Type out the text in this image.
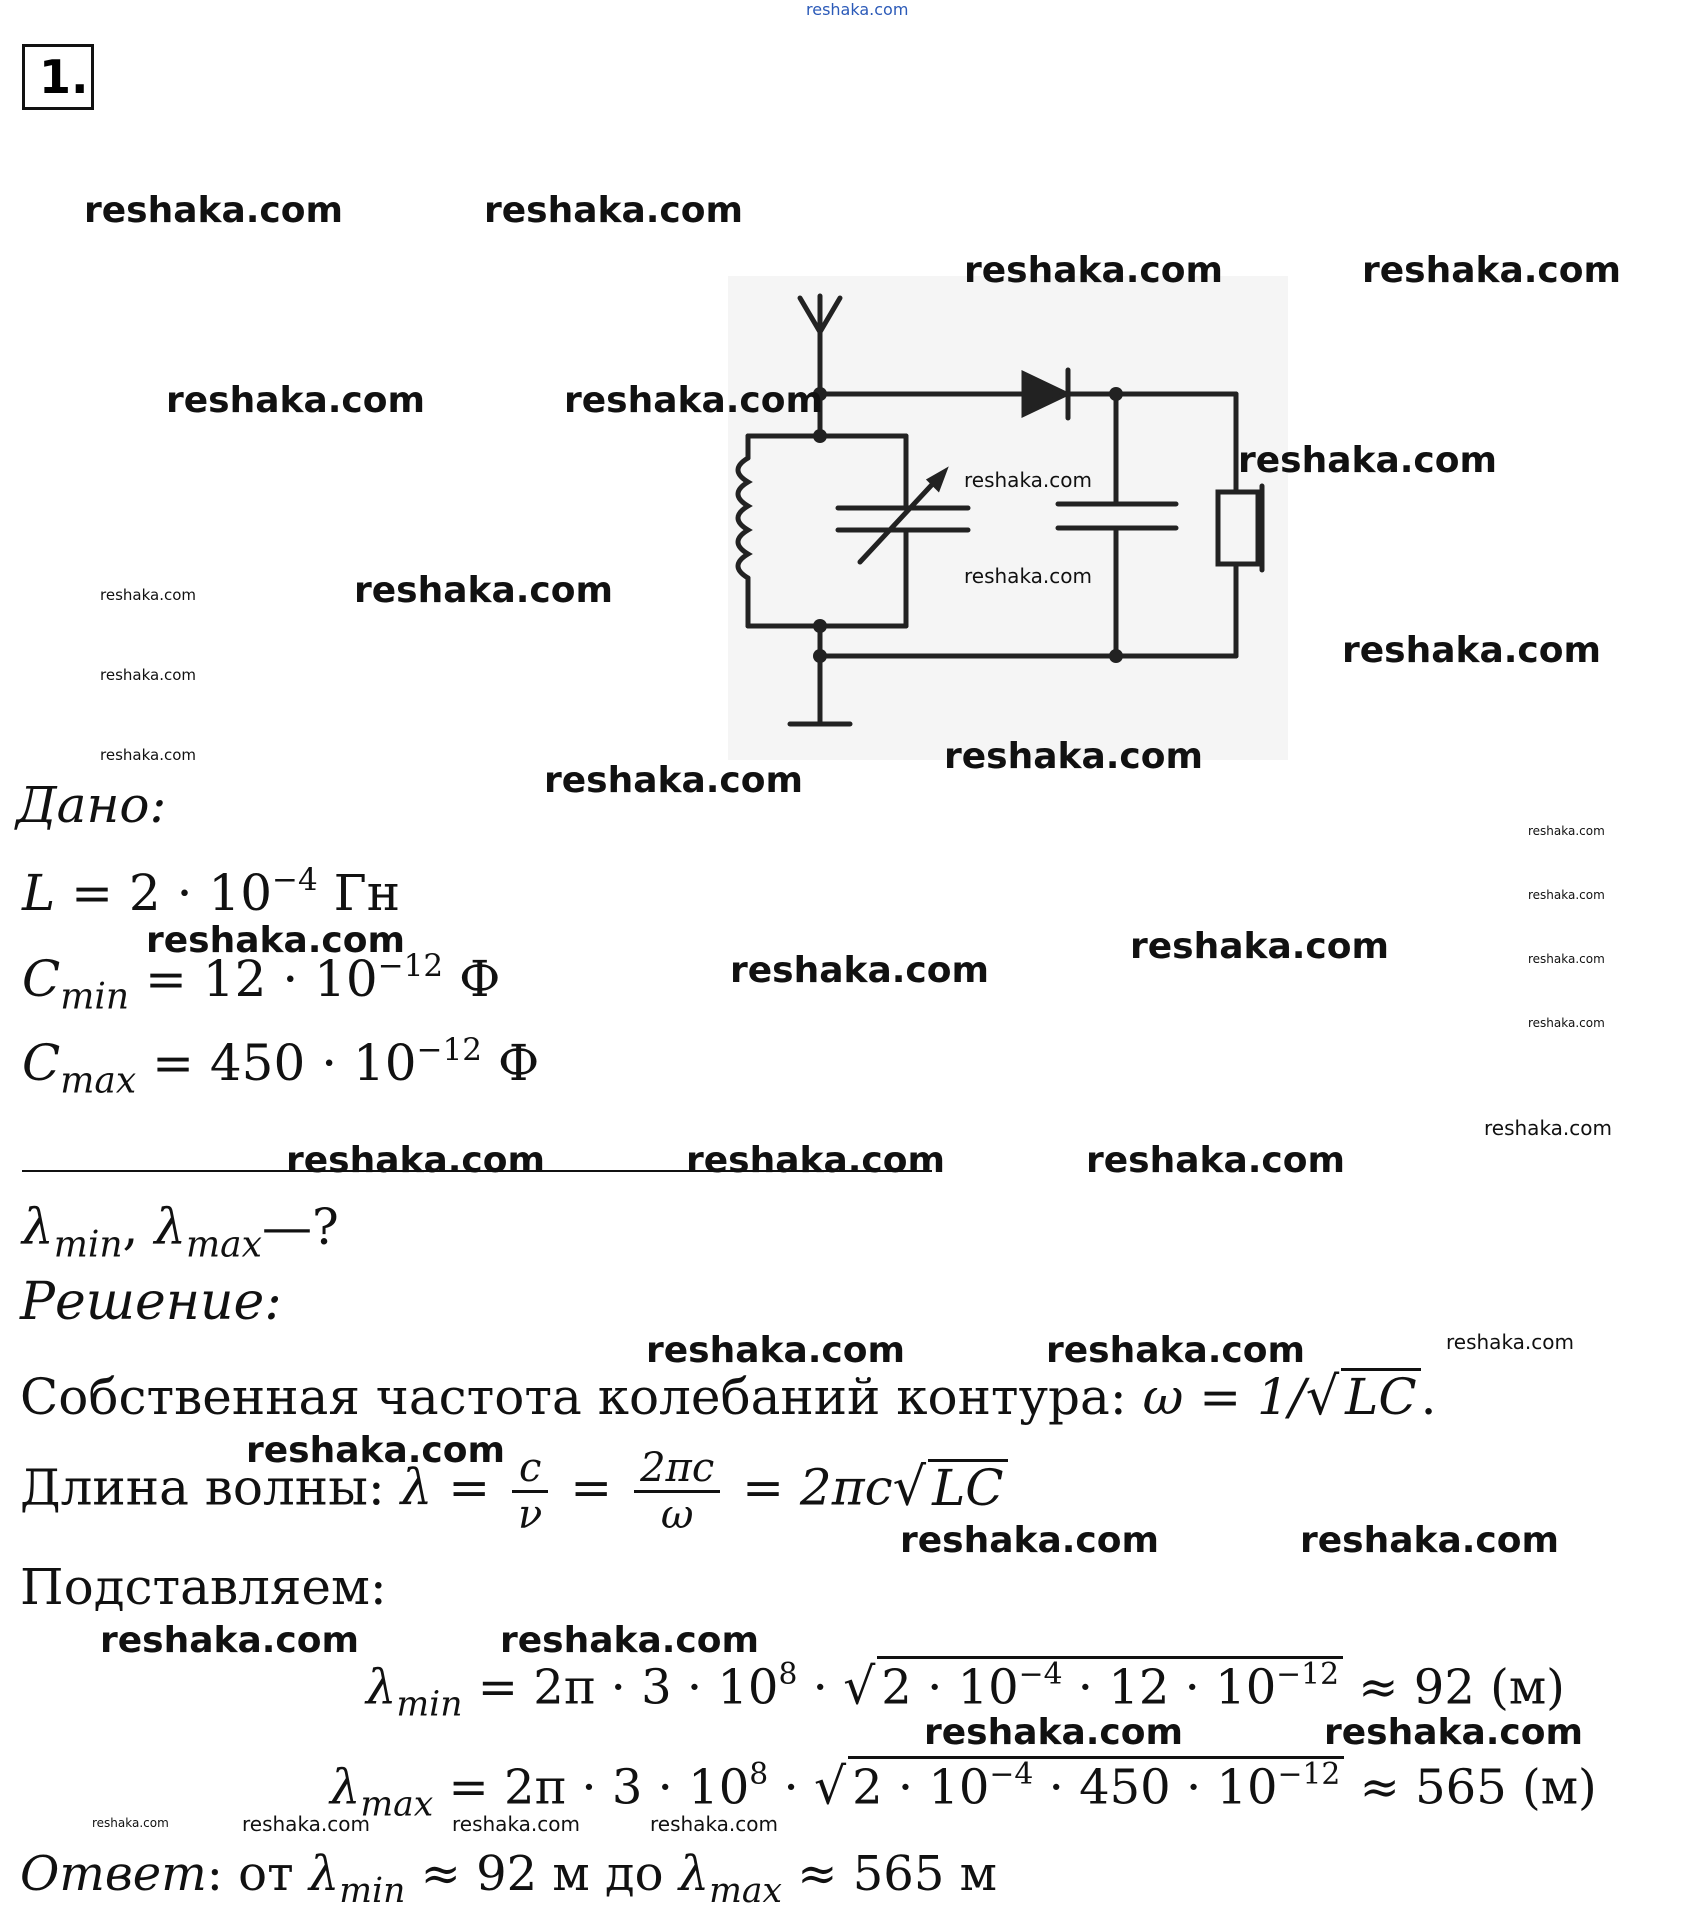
1.
reshaka.com
Дано:
$L = 2 \cdot 10^{-4}$ Гн
$C_{min} = 12 \cdot 10^{-12}$ Ф
$C_{max} = 450 \cdot 10^{-12}$ Ф
$\lambda_{min}$, $\lambda_{max}—$?
Решение:
Собственная частота колебаний контура: ω = 1/√ LC.
Длина волны: $\lambda = \frac{c}{\nu} = \frac{2\pi c}{\omega} = 2\pi c√$ LC
Подставляем:
$\lambda_{min} = 2\pi \cdot 3 \cdot 10^8$ · √ $2 \cdot 10^{-4} \cdot 12 \cdot 10^{-12} \approx 92$ (м)
$\lambda_{max} = 2\pi \cdot 3 \cdot 10^8$ · √ $2 \cdot 10^{-4} \cdot 450 \cdot 10^{-12} \approx 565$ (м)
Ответ: от $\lambda_{min} \approx 92$ м до $\lambda_{max} \approx 565$ м
reshaka.com	reshaka.com
reshaka.com	reshaka.com
reshaka.com	reshaka.com
reshaka.com
reshaka.com
reshaka.com
reshaka.com	reshaka.com
reshaka.com
reshaka.com
reshaka.com	reshaka.com
reshaka.com
reshaka.com
reshaka.com
reshaka.com
reshaka.com
reshaka.com	reshaka.com
reshaka.com
reshaka.com
reshaka.com	reshaka.com	reshaka.com
reshaka.com	reshaka.com	reshaka.com
reshaka.com
reshaka.com	reshaka.com
reshaka.com	reshaka.com
reshaka.com	reshaka.com
reshaka.com	reshaka.com	reshaka.com	reshaka.com
